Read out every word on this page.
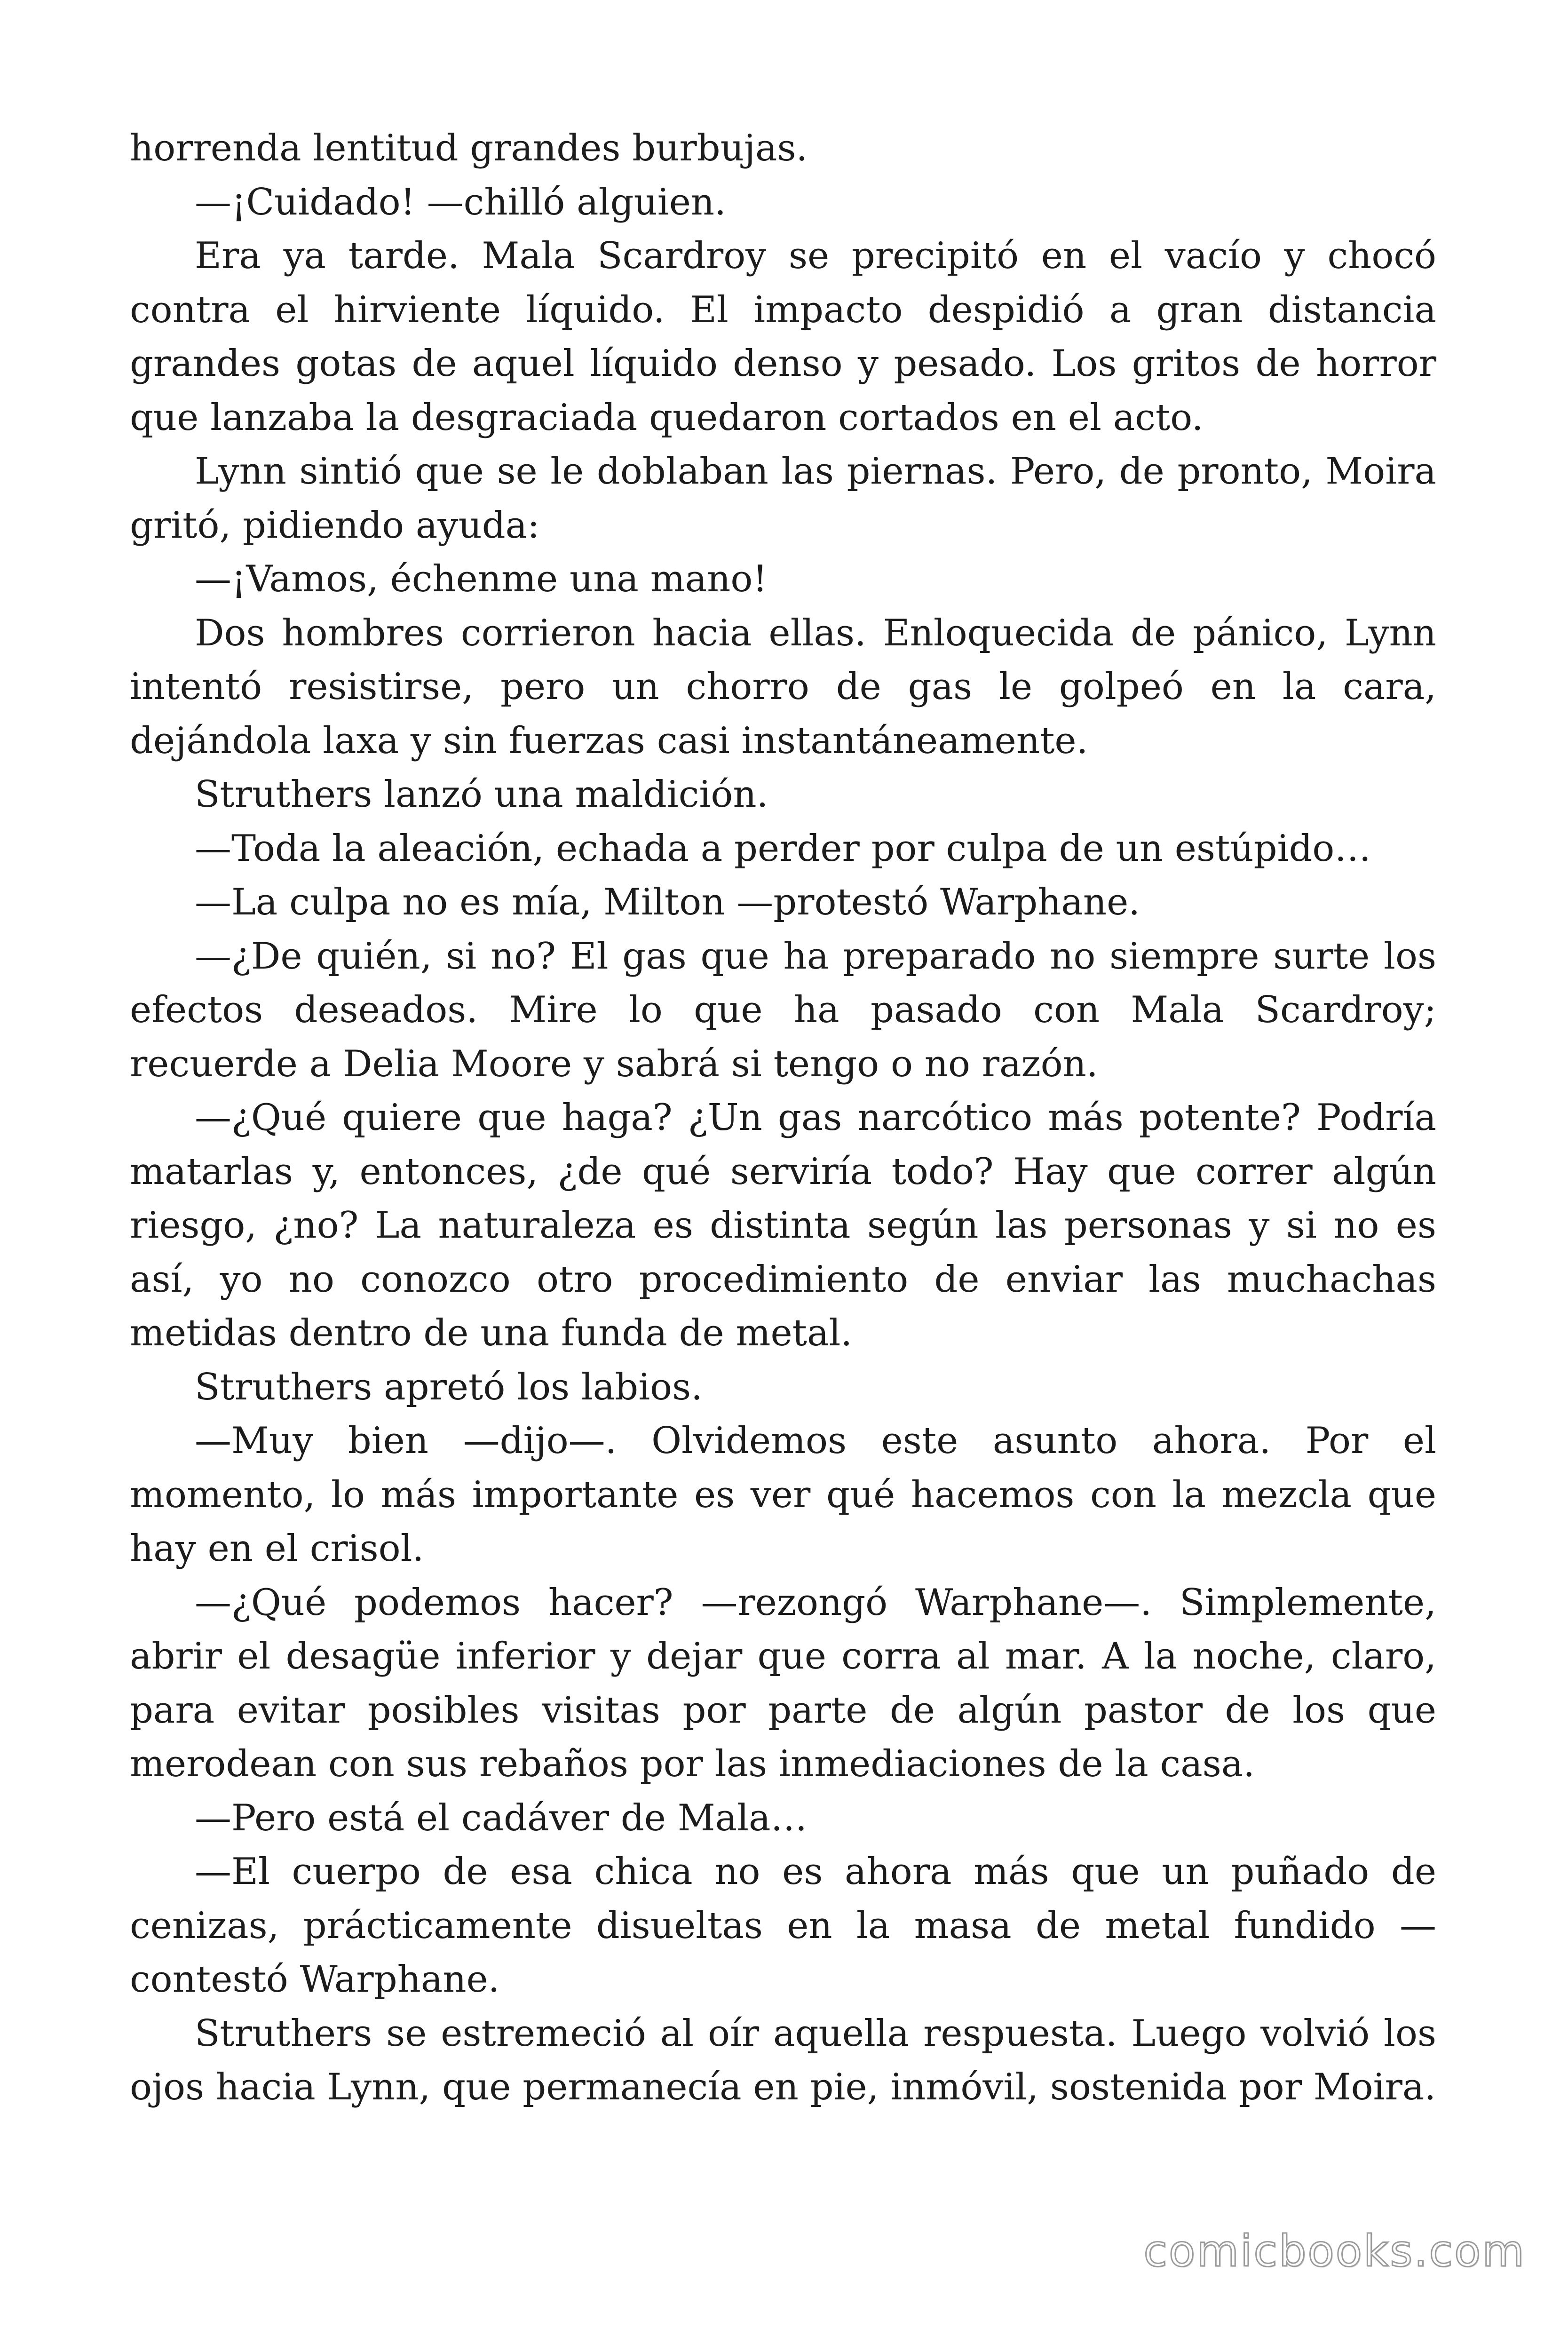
horrenda lentitud grandes burbujas.

—¡Cuidado! —chilló alguien.

Era ya tarde. Mala Scardroy se precipitó en el vacío y chocó contra el hirviente líquido. El impacto despidió a gran distancia grandes gotas de aquel líquido denso y pesado. Los gritos de horror que lanzaba la desgraciada quedaron cortados en el acto.

Lynn sintió que se le doblaban las piernas. Pero, de pronto, Moira gritó, pidiendo ayuda:

—¡Vamos, échenme una mano!

Dos hombres corrieron hacia ellas. Enloquecida de pánico, Lynn intentó resistirse, pero un chorro de gas le golpeó en la cara, dejándola laxa y sin fuerzas casi instantáneamente.

Struthers lanzó una maldición.

—Toda la aleación, echada a perder por culpa de un estúpido…

—La culpa no es mía, Milton —protestó Warphane.

—¿De quién, si no? El gas que ha preparado no siempre surte los efectos deseados. Mire lo que ha pasado con Mala Scardroy; recuerde a Delia Moore y sabrá si tengo o no razón.

—¿Qué quiere que haga? ¿Un gas narcótico más potente? Podría matarlas y, entonces, ¿de qué serviría todo? Hay que correr algún riesgo, ¿no? La naturaleza es distinta según las personas y si no es así, yo no conozco otro procedimiento de enviar las muchachas metidas dentro de una funda de metal.

Struthers apretó los labios.

—Muy bien —dijo—. Olvidemos este asunto ahora. Por el momento, lo más importante es ver qué hacemos con la mezcla que hay en el crisol.

—¿Qué podemos hacer? —rezongó Warphane—. Simplemente, abrir el desagüe inferior y dejar que corra al mar. A la noche, claro, para evitar posibles visitas por parte de algún pastor de los que merodean con sus rebaños por las inmediaciones de la casa.

—Pero está el cadáver de Mala…

—El cuerpo de esa chica no es ahora más que un puñado de cenizas, prácticamente disueltas en la masa de metal fundido —contestó Warphane.

Struthers se estremeció al oír aquella respuesta. Luego volvió los ojos hacia Lynn, que permanecía en pie, inmóvil, sostenida por Moira.

comicbooks.com
